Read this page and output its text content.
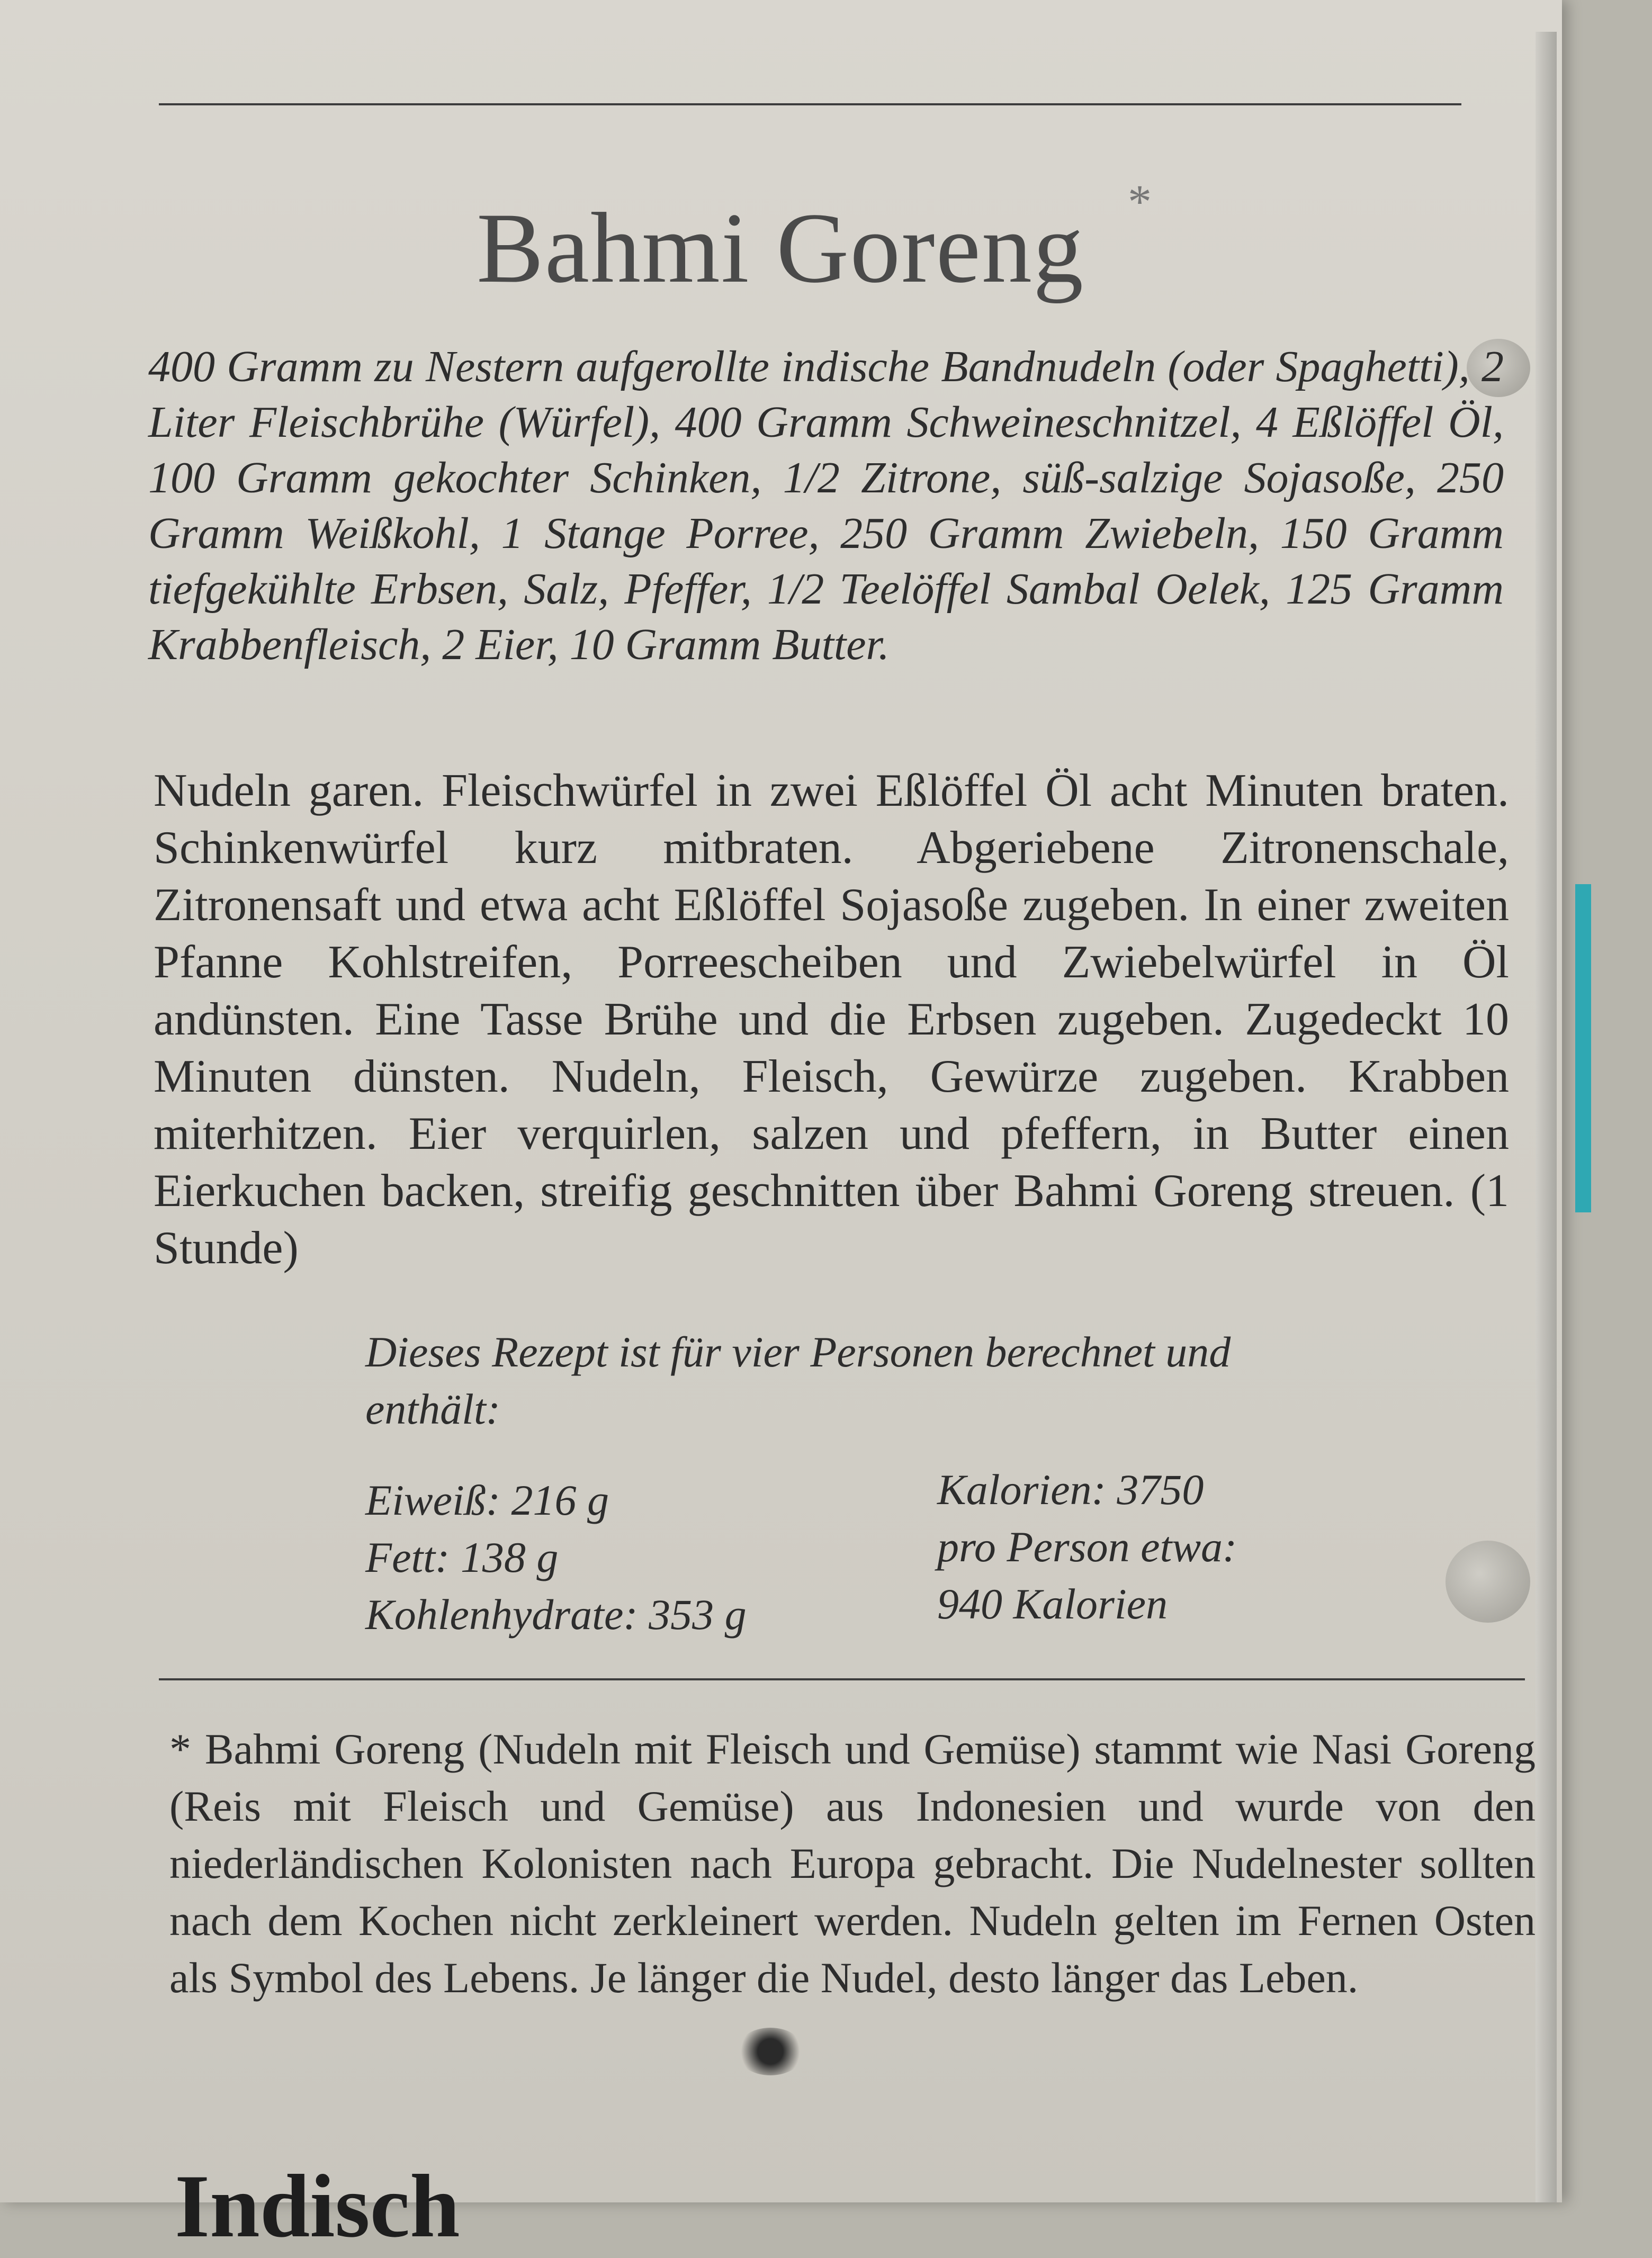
Bahmi Goreng *
400 Gramm zu Nestern aufgerollte indische Bandnudeln (oder Spaghetti), 2 Liter Fleischbrühe (Würfel), 400 Gramm Schweineschnitzel, 4 Eßlöffel Öl, 100 Gramm gekochter Schinken, 1/2 Zitrone, süß-salzige Sojasoße, 250 Gramm Weißkohl, 1 Stange Porree, 250 Gramm Zwiebeln, 150 Gramm tiefgekühlte Erbsen, Salz, Pfeffer, 1/2 Teelöffel Sambal Oelek, 125 Gramm Krabbenfleisch, 2 Eier, 10 Gramm Butter.
Nudeln garen. Fleischwürfel in zwei Eßlöffel Öl acht Minuten braten. Schinkenwürfel kurz mitbraten. Abgeriebene Zitronenschale, Zitronensaft und etwa acht Eßlöffel Sojasoße zugeben. In einer zweiten Pfanne Kohlstreifen, Porreescheiben und Zwiebelwürfel in Öl andünsten. Eine Tasse Brühe und die Erbsen zugeben. Zugedeckt 10 Minuten dünsten. Nudeln, Fleisch, Gewürze zugeben. Krabben miterhitzen. Eier verquirlen, salzen und pfeffern, in Butter einen Eierkuchen backen, streifig geschnitten über Bahmi Goreng streuen. (1 Stunde)
Dieses Rezept ist für vier Personen berechnet und enthält:
Eiweiß: 216 g
Fett: 138 g
Kohlenhydrate: 353 g
Kalorien: 3750
pro Person etwa:
940 Kalorien
* Bahmi Goreng (Nudeln mit Fleisch und Gemüse) stammt wie Nasi Goreng (Reis mit Fleisch und Gemüse) aus Indonesien und wurde von den niederländischen Kolonisten nach Europa gebracht. Die Nudelnester sollten nach dem Kochen nicht zerkleinert werden. Nudeln gelten im Fernen Osten als Symbol des Lebens. Je länger die Nudel, desto länger das Leben.
Indisch
